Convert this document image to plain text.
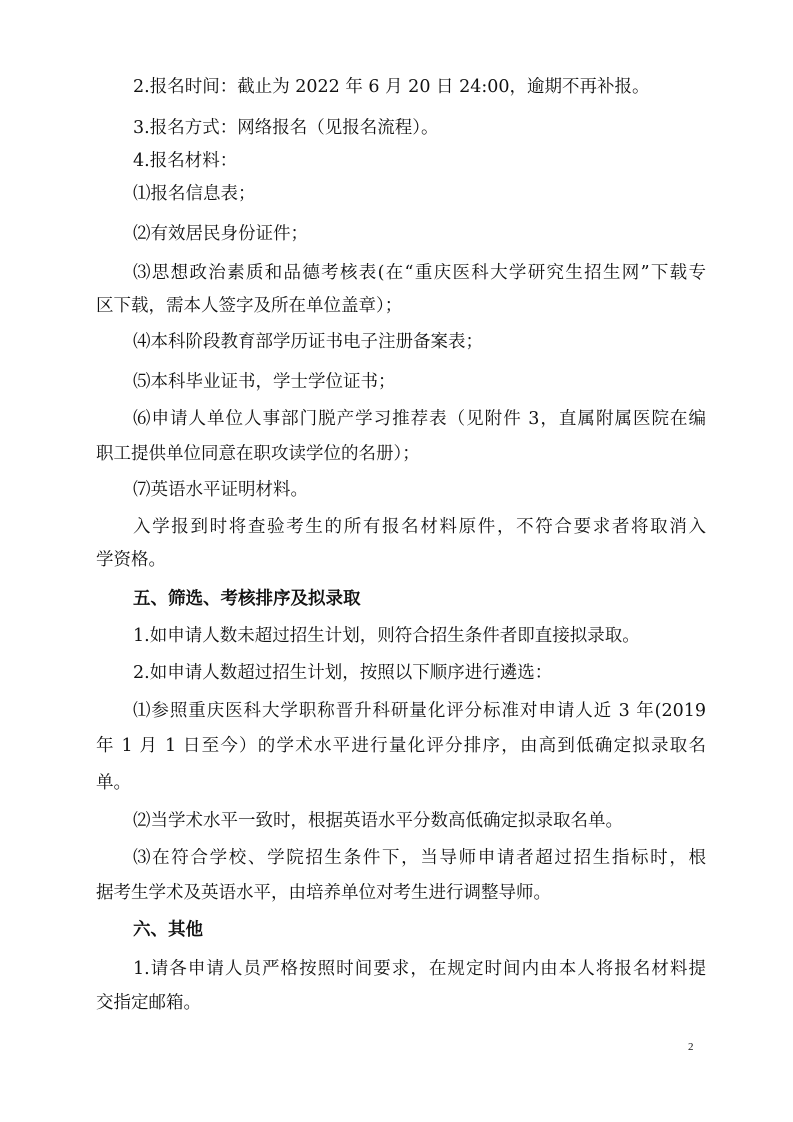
2.报名时间：截止为 2022 年 6 月 20 日 24:00，逾期不再补报。
3.报名方式：网络报名（见报名流程）。
4.报名材料：
⑴报名信息表；
⑵有效居民身份证件；
⑶思想政治素质和品德考核表(在“重庆医科大学研究生招生网”下载专
区下载，需本人签字及所在单位盖章）；
⑷本科阶段教育部学历证书电子注册备案表；
⑸本科毕业证书，学士学位证书；
⑹申请人单位人事部门脱产学习推荐表（见附件 3，直属附属医院在编
职工提供单位同意在职攻读学位的名册）；
⑺英语水平证明材料。
入学报到时将查验考生的所有报名材料原件，不符合要求者将取消入
学资格。
五、筛选、考核排序及拟录取
1.如申请人数未超过招生计划，则符合招生条件者即直接拟录取。
2.如申请人数超过招生计划，按照以下顺序进行遴选：
⑴参照重庆医科大学职称晋升科研量化评分标准对申请人近 3 年(2019
年 1 月 1 日至今）的学术水平进行量化评分排序，由高到低确定拟录取名
单。
⑵当学术水平一致时，根据英语水平分数高低确定拟录取名单。
⑶在符合学校、学院招生条件下，当导师申请者超过招生指标时，根
据考生学术及英语水平，由培养单位对考生进行调整导师。
六、其他
1.请各申请人员严格按照时间要求，在规定时间内由本人将报名材料提
交指定邮箱。
2
